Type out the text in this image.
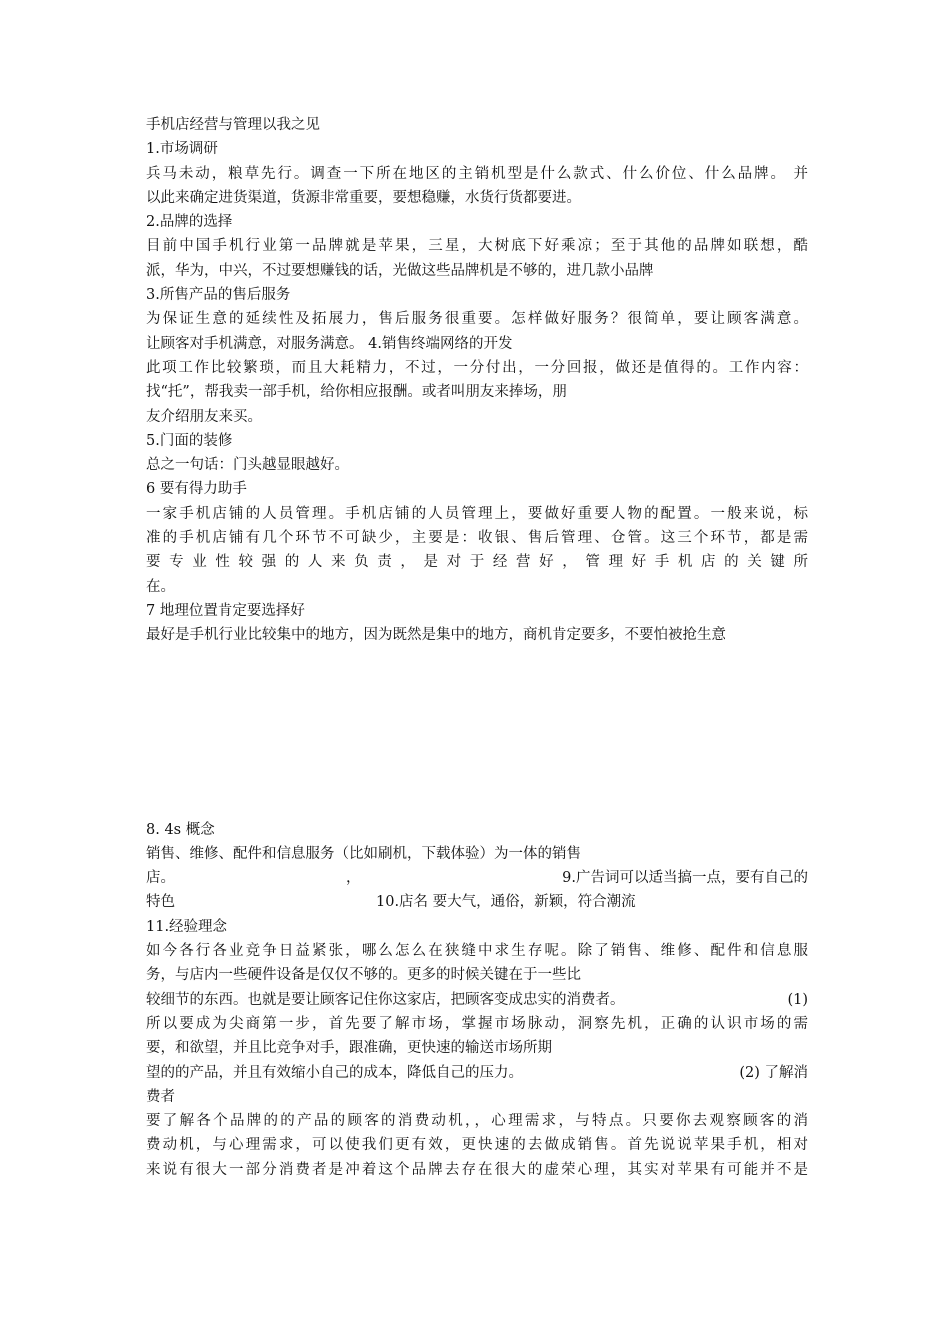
手机店经营与管理以我之见
1.市场调研
兵马未动，粮草先行。调查一下所在地区的主销机型是什么款式、什么价位、什么品牌。 并
以此来确定进货渠道，货源非常重要，要想稳赚，水货行货都要进。
2.品牌的选择
目前中国手机行业第一品牌就是苹果，三星，大树底下好乘凉；至于其他的品牌如联想，酷
派，华为，中兴，不过要想赚钱的话，光做这些品牌机是不够的，进几款小品牌
3.所售产品的售后服务
为保证生意的延续性及拓展力，售后服务很重要。怎样做好服务？很简单，要让顾客满意。
让顾客对手机满意，对服务满意。 4.销售终端网络的开发
此项工作比较繁琐，而且大耗精力，不过，一分付出，一分回报，做还是值得的。工作内容：
找“托”，帮我卖一部手机，给你相应报酬。或者叫朋友来捧场，朋
友介绍朋友来买。
5.门面的装修
总之一句话：门头越显眼越好。
6 要有得力助手
一家手机店铺的人员管理。手机店铺的人员管理上，要做好重要人物的配置。一般来说，标
准的手机店铺有几个环节不可缺少，主要是：收银、售后管理、仓管。这三个环节，都是需
要 专 业 性 较 强 的 人 来 负 责 ， 是 对 于 经 营 好 ， 管 理 好 手 机 店 的 关 键 所
在。
7 地理位置肯定要选择好
最好是手机行业比较集中的地方，因为既然是集中的地方，商机肯定要多，不要怕被抢生意
8. 4s 概念
销售、维修、配件和信息服务（比如刷机，下载体验）为一体的销售
店。	，	9.广告词可以适当搞一点，要有自己的
特色	10.店名 要大气，通俗，新颖，符合潮流
11.经验理念
如今各行各业竞争日益紧张，哪么怎么在狭缝中求生存呢。除了销售、维修、配件和信息服
务，与店内一些硬件设备是仅仅不够的。更多的时候关键在于一些比
较细节的东西。也就是要让顾客记住你这家店，把顾客变成忠实的消费者。	(1)
所以要成为尖商第一步，首先要了解市场，掌握市场脉动，洞察先机，正确的认识市场的需
要，和欲望，并且比竞争对手，跟准确，更快速的输送市场所期
望的的产品，并且有效缩小自己的成本，降低自己的压力。	(2) 了解消
费者
要了解各个品牌的的产品的顾客的消费动机，，心理需求，与特点。只要你去观察顾客的消
费动机，与心理需求，可以使我们更有效，更快速的去做成销售。首先说说苹果手机，相对
来说有很大一部分消费者是冲着这个品牌去存在很大的虚荣心理，其实对苹果有可能并不是
